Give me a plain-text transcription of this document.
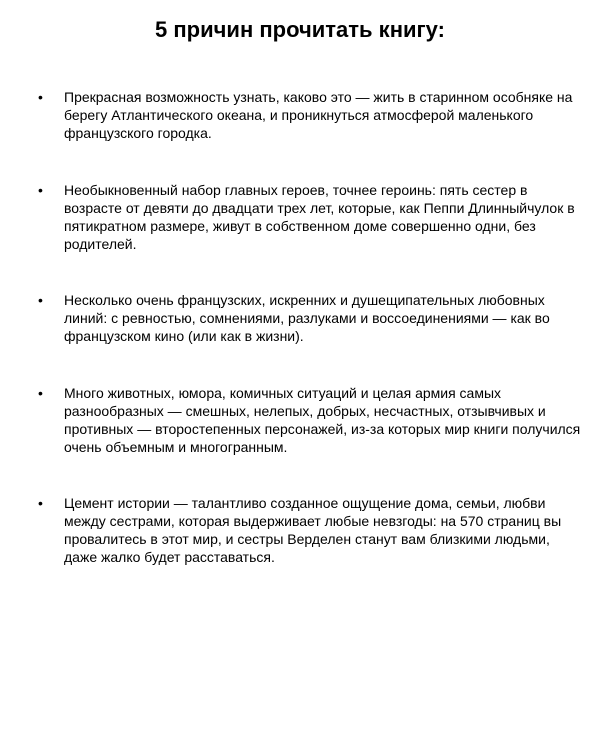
5 причин прочитать книгу:
• Прекрасная возможность узнать, каково это — жить в старинном особняке на берегу Атлантического океана, и проникнуться атмосферой маленького французского городка.
• Необыкновенный набор главных героев, точнее героинь: пять сестер в возрасте от девяти до двадцати трех лет, которые, как Пеппи Длинныйчулок в пятикратном размере, живут в собственном доме совершенно одни, без родителей.
• Несколько очень французских, искренних и душещипательных любовных линий: с ревностью, сомнениями, разлуками и воссоединениями — как во французском кино (или как в жизни).
• Много животных, юмора, комичных ситуаций и целая армия самых разнообразных — смешных, нелепых, добрых, несчастных, отзывчивых и противных — второстепенных персонажей, из-за которых мир книги получился очень объемным и многогранным.
• Цемент истории — талантливо созданное ощущение дома, семьи, любви между сестрами, которая выдерживает любые невзгоды: на 570 страниц вы провалитесь в этот мир, и сестры Верделен станут вам близкими людьми, даже жалко будет расставаться.
